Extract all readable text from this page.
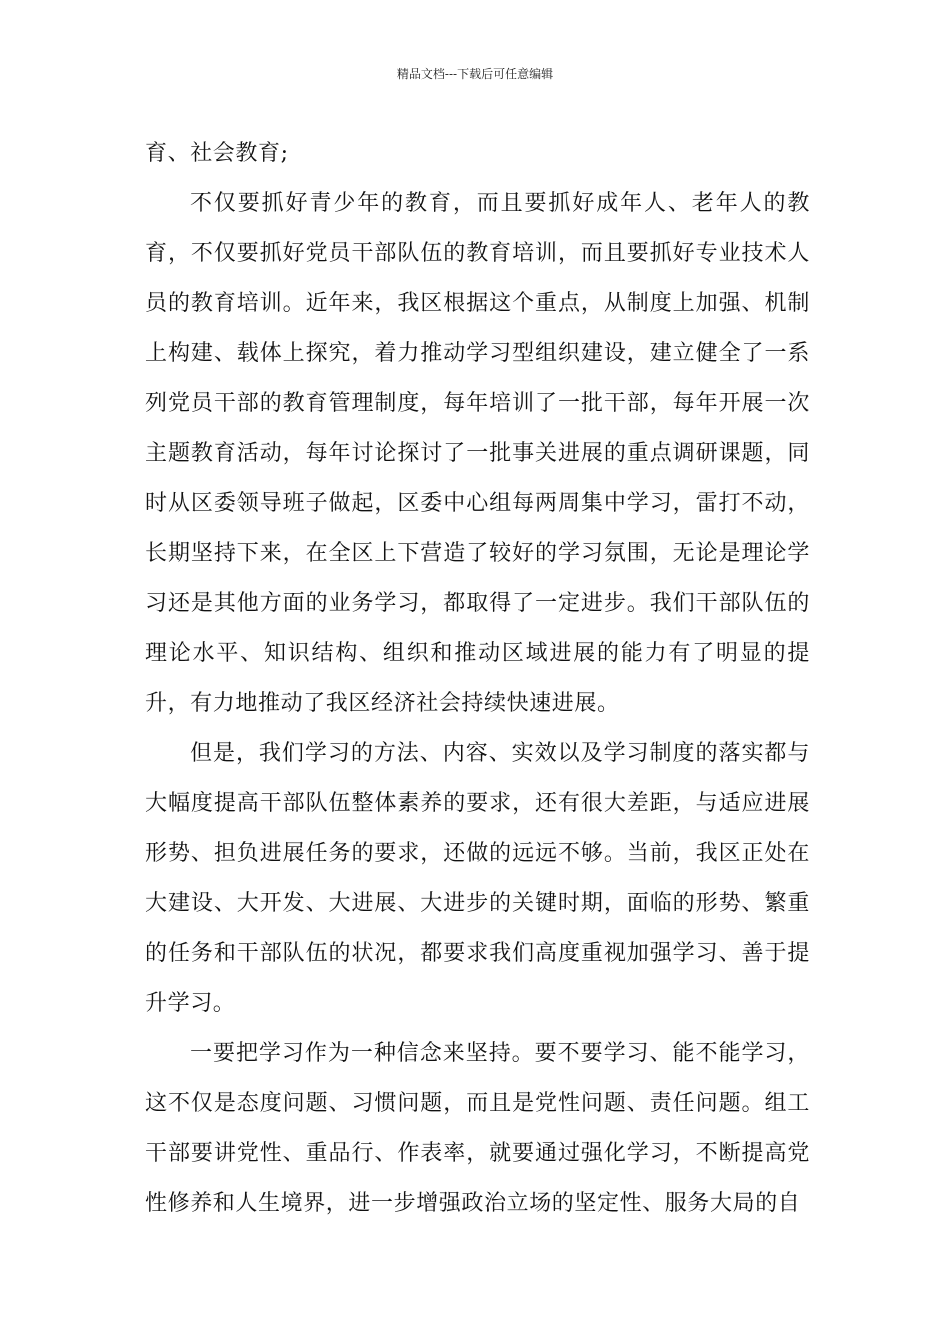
精品文档---下载后可任意编辑

育、社会教育;

不仅要抓好青少年的教育，而且要抓好成年人、老年人的教育，不仅要抓好党员干部队伍的教育培训，而且要抓好专业技术人员的教育培训。近年来，我区根据这个重点，从制度上加强、机制上构建、载体上探究，着力推动学习型组织建设，建立健全了一系列党员干部的教育管理制度，每年培训了一批干部，每年开展一次主题教育活动，每年讨论探讨了一批事关进展的重点调研课题，同时从区委领导班子做起，区委中心组每两周集中学习，雷打不动，长期坚持下来，在全区上下营造了较好的学习氛围，无论是理论学习还是其他方面的业务学习，都取得了一定进步。我们干部队伍的理论水平、知识结构、组织和推动区域进展的能力有了明显的提升，有力地推动了我区经济社会持续快速进展。

但是，我们学习的方法、内容、实效以及学习制度的落实都与大幅度提高干部队伍整体素养的要求，还有很大差距，与适应进展形势、担负进展任务的要求，还做的远远不够。当前，我区正处在大建设、大开发、大进展、大进步的关键时期，面临的形势、繁重的任务和干部队伍的状况，都要求我们高度重视加强学习、善于提升学习。

一要把学习作为一种信念来坚持。要不要学习、能不能学习，这不仅是态度问题、习惯问题，而且是党性问题、责任问题。组工干部要讲党性、重品行、作表率，就要通过强化学习，不断提高党性修养和人生境界，进一步增强政治立场的坚定性、服务大局的自
